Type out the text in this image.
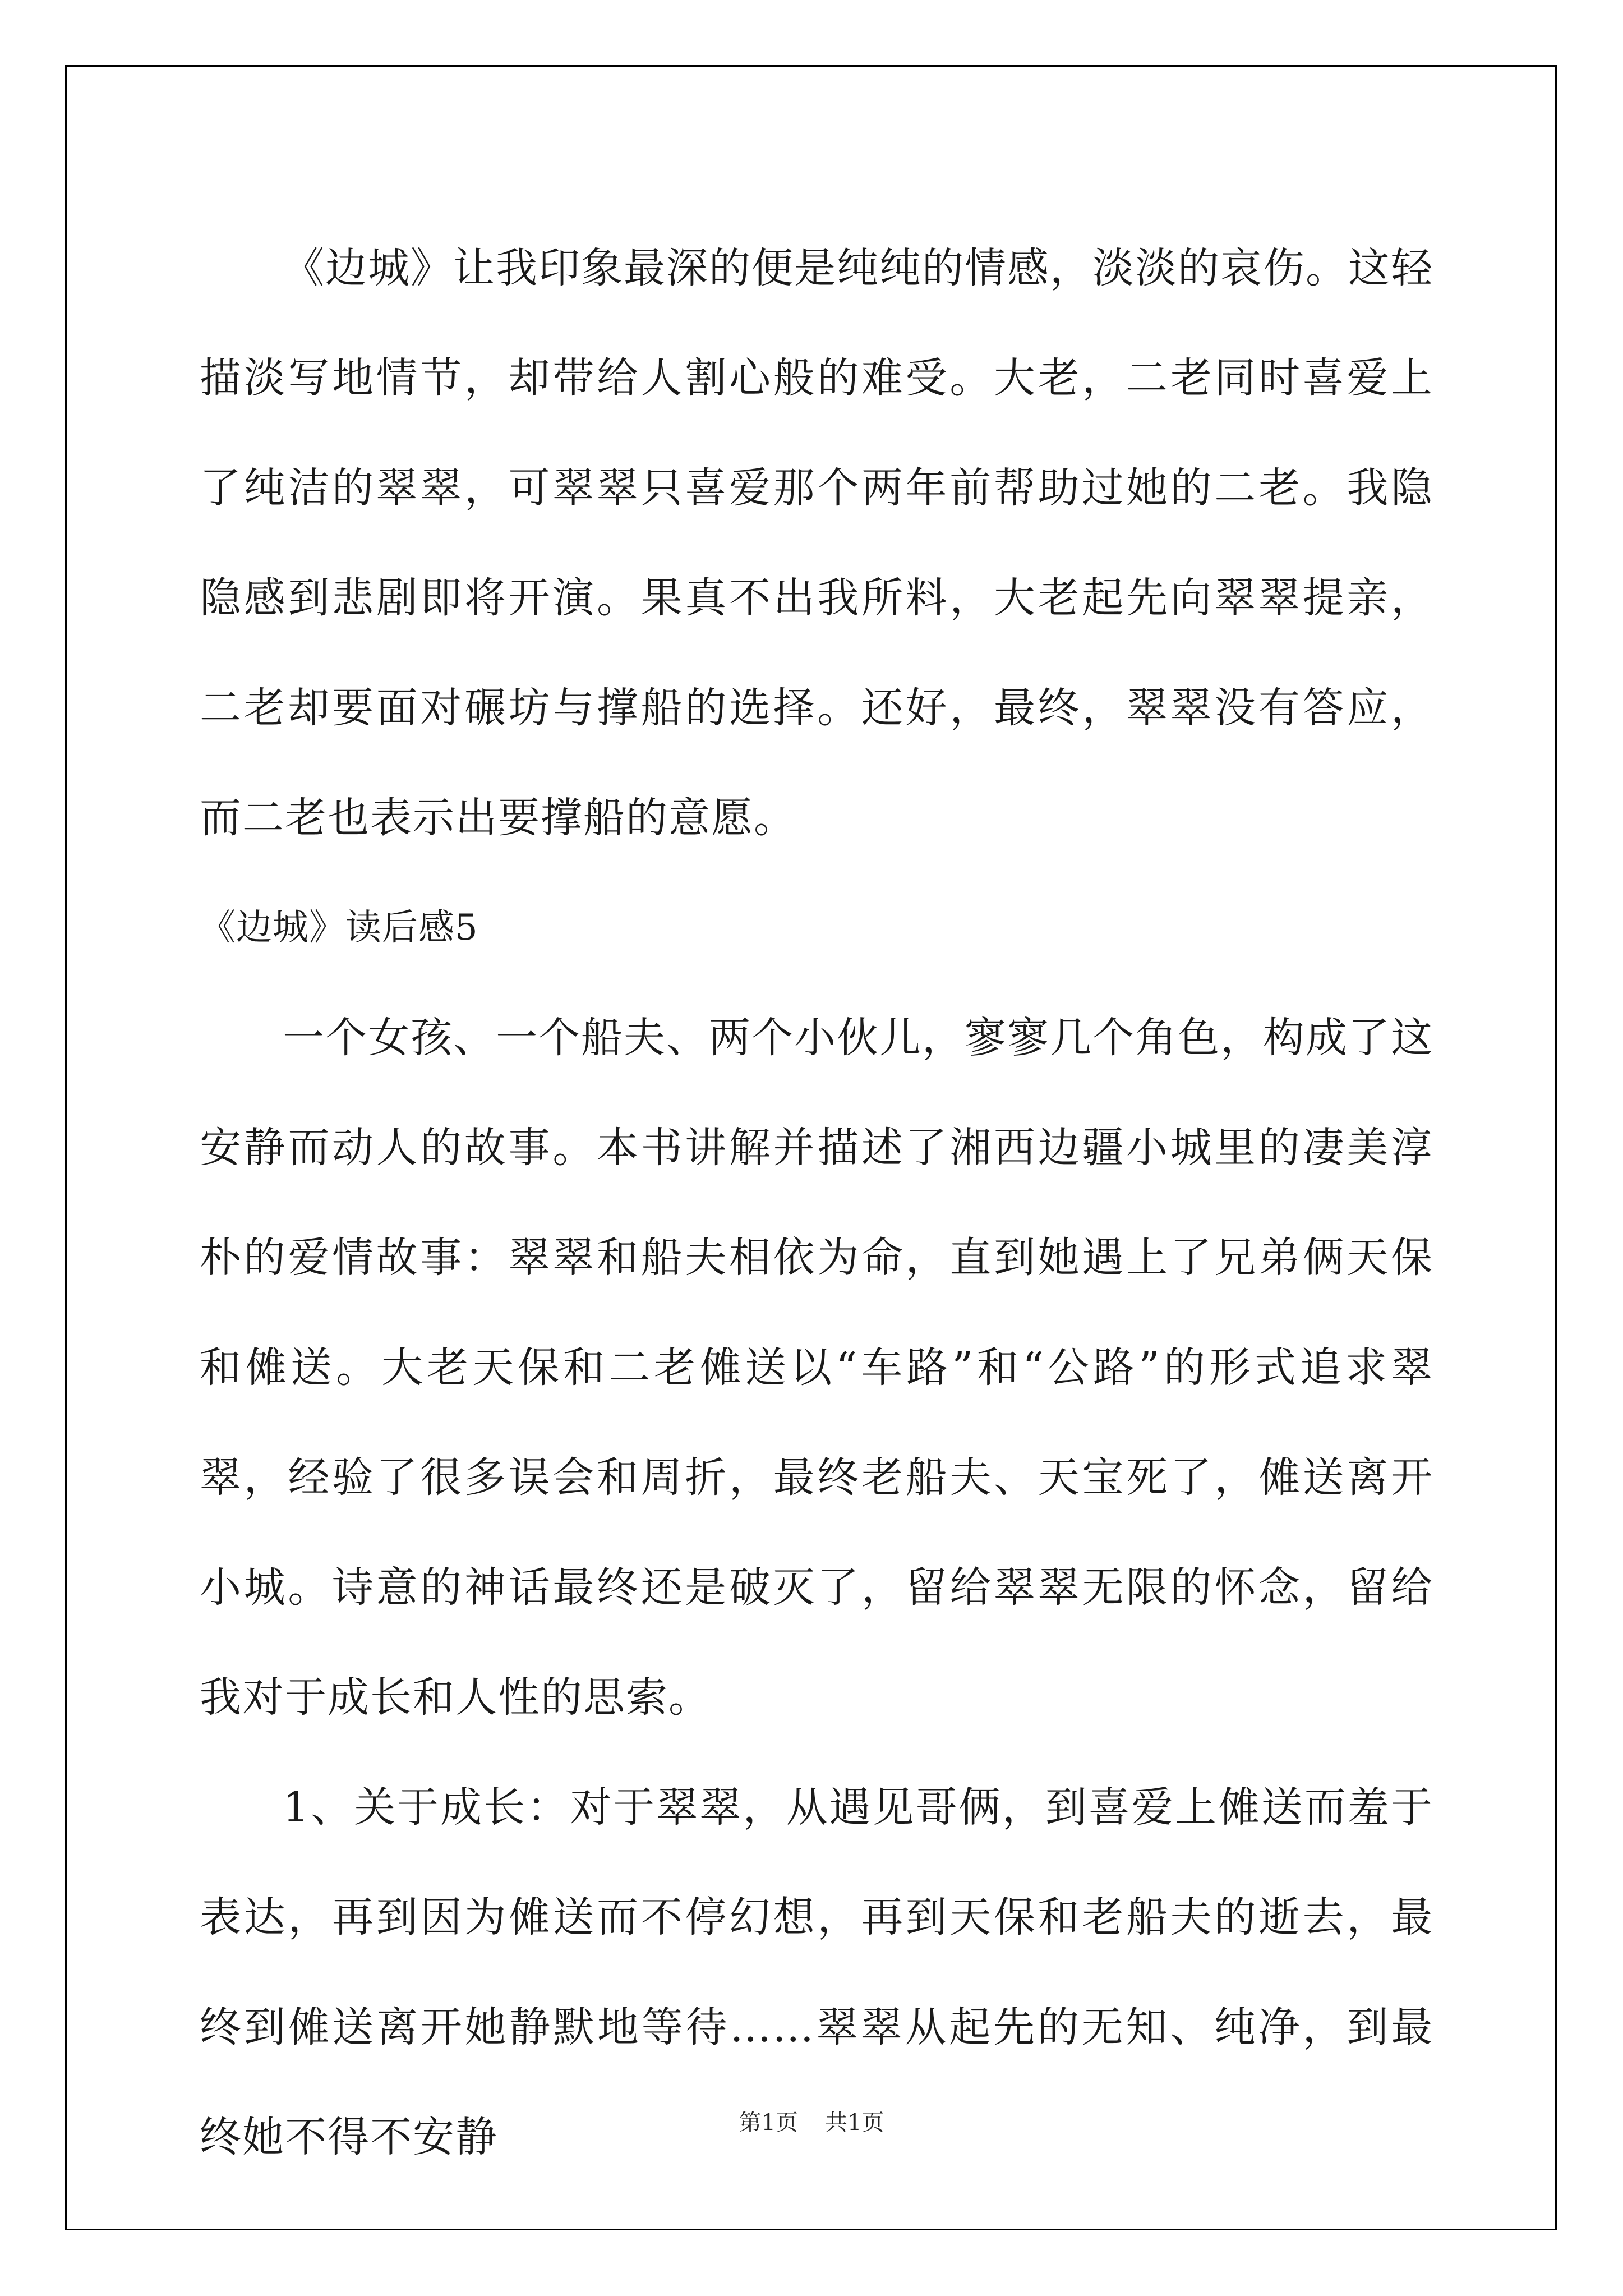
《边城》让我印象最深的便是纯纯的情感，淡淡的哀伤。这轻描淡写地情节，却带给人割心般的难受。大老，二老同时喜爱上了纯洁的翠翠，可翠翠只喜爱那个两年前帮助过她的二老。我隐隐感到悲剧即将开演。果真不出我所料，大老起先向翠翠提亲，二老却要面对碾坊与撑船的选择。还好，最终，翠翠没有答应，而二老也表示出要撑船的意愿。

《边城》读后感5

一个女孩、一个船夫、两个小伙儿，寥寥几个角色，构成了这安静而动人的故事。本书讲解并描述了湘西边疆小城里的凄美淳朴的爱情故事：翠翠和船夫相依为命，直到她遇上了兄弟俩天保和傩送。大老天保和二老傩送以“车路”和“公路”的形式追求翠翠，经验了很多误会和周折，最终老船夫、天宝死了，傩送离开小城。诗意的神话最终还是破灭了，留给翠翠无限的怀念，留给我对于成长和人性的思索。

1、关于成长：对于翠翠，从遇见哥俩，到喜爱上傩送而羞于表达，再到因为傩送而不停幻想，再到天保和老船夫的逝去，最终到傩送离开她静默地等待……翠翠从起先的无知、纯净，到最终她不得不安静	第1页 共1页
